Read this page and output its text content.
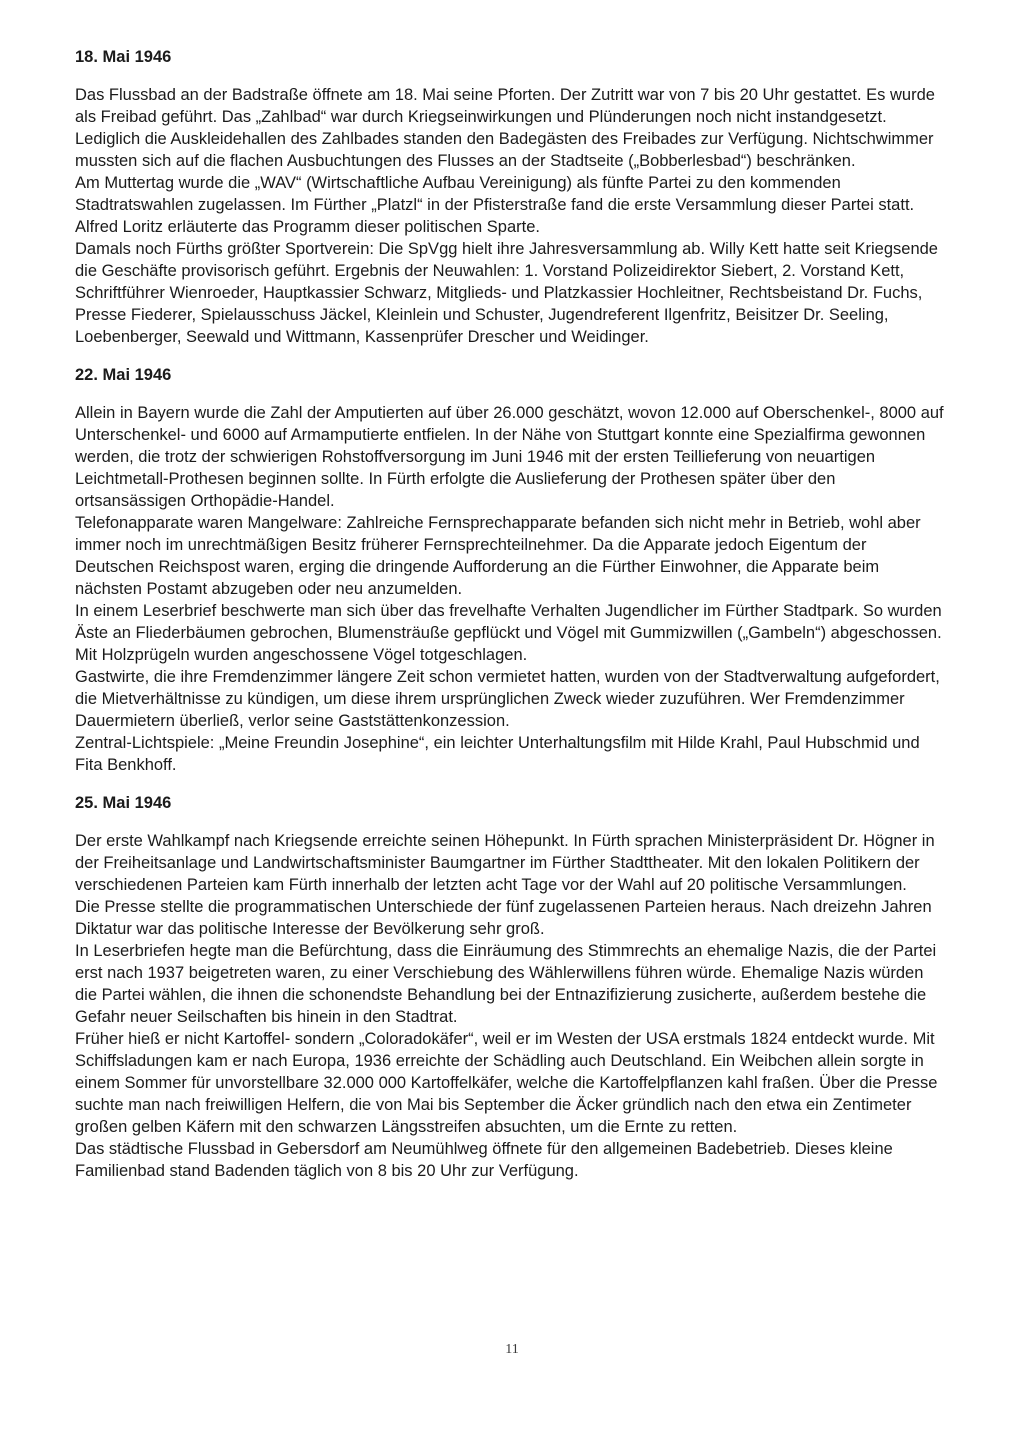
18. Mai 1946

Das Flussbad an der Badstraße öffnete am 18. Mai seine Pforten. Der Zutritt war von 7 bis 20 Uhr gestattet. Es wurde als Freibad geführt. Das „Zahlbad“ war durch Kriegseinwirkungen und Plünderungen noch nicht instandgesetzt. Lediglich die Auskleidehallen des Zahlbades standen den Badegästen des Freibades zur Verfügung. Nichtschwimmer mussten sich auf die flachen Ausbuchtungen des Flusses an der Stadtseite („Bobberlesbad“) beschränken.

Am Muttertag wurde die „WAV“ (Wirtschaftliche Aufbau Vereinigung) als fünfte Partei zu den kommenden Stadtratswahlen zugelassen. Im Fürther „Platzl“ in der Pfisterstraße fand die erste Versammlung dieser Partei statt. Alfred Loritz erläuterte das Programm dieser politischen Sparte.

Damals noch Fürths größter Sportverein: Die SpVgg hielt ihre Jahresversammlung ab. Willy Kett hatte seit Kriegsende die Geschäfte provisorisch geführt. Ergebnis der Neuwahlen: 1. Vorstand Polizeidirektor Siebert, 2. Vorstand Kett, Schriftführer Wienroeder, Hauptkassier Schwarz, Mitglieds- und Platzkassier Hochleitner, Rechtsbeistand Dr. Fuchs, Presse Fiederer, Spielausschuss Jäckel, Kleinlein und Schuster, Jugendreferent Ilgenfritz, Beisitzer Dr. Seeling, Loebenberger, Seewald und Wittmann, Kassenprüfer Drescher und Weidinger.

22. Mai 1946

Allein in Bayern wurde die Zahl der Amputierten auf über 26.000 geschätzt, wovon 12.000 auf Oberschenkel-, 8000 auf Unterschenkel- und 6000 auf Armamputierte entfielen. In der Nähe von Stuttgart konnte eine Spezialfirma gewonnen werden, die trotz der schwierigen Rohstoffversorgung im Juni 1946 mit der ersten Teillieferung von neuartigen Leichtmetall-Prothesen beginnen sollte. In Fürth erfolgte die Auslieferung der Prothesen später über den ortsansässigen Orthopädie-Handel.

Telefonapparate waren Mangelware: Zahlreiche Fernsprechapparate befanden sich nicht mehr in Betrieb, wohl aber immer noch im unrechtmäßigen Besitz früherer Fernsprechteilnehmer. Da die Apparate jedoch Eigentum der Deutschen Reichspost waren, erging die dringende Aufforderung an die Fürther Einwohner, die Apparate beim nächsten Postamt abzugeben oder neu anzumelden.

In einem Leserbrief beschwerte man sich über das frevelhafte Verhalten Jugendlicher im Fürther Stadtpark. So wurden Äste an Fliederbäumen gebrochen, Blumensträuße gepflückt und Vögel mit Gummizwillen („Gambeln“) abgeschossen. Mit Holzprügeln wurden angeschossene Vögel totgeschlagen.

Gastwirte, die ihre Fremdenzimmer längere Zeit schon vermietet hatten, wurden von der Stadtverwaltung aufgefordert, die Mietverhältnisse zu kündigen, um diese ihrem ursprünglichen Zweck wieder zuzuführen. Wer Fremdenzimmer Dauermietern überließ, verlor seine Gaststättenkonzession.

Zentral-Lichtspiele: „Meine Freundin Josephine“, ein leichter Unterhaltungsfilm mit Hilde Krahl, Paul Hubschmid und Fita Benkhoff.

25. Mai 1946

Der erste Wahlkampf nach Kriegsende erreichte seinen Höhepunkt. In Fürth sprachen Ministerpräsident Dr. Högner in der Freiheitsanlage und Landwirtschaftsminister Baumgartner im Fürther Stadttheater. Mit den lokalen Politikern der verschiedenen Parteien kam Fürth innerhalb der letzten acht Tage vor der Wahl auf 20 politische Versammlungen.

Die Presse stellte die programmatischen Unterschiede der fünf zugelassenen Parteien heraus. Nach dreizehn Jahren Diktatur war das politische Interesse der Bevölkerung sehr groß.

In Leserbriefen hegte man die Befürchtung, dass die Einräumung des Stimmrechts an ehemalige Nazis, die der Partei erst nach 1937 beigetreten waren, zu einer Verschiebung des Wählerwillens führen würde. Ehemalige Nazis würden die Partei wählen, die ihnen die schonendste Behandlung bei der Entnazifizierung zusicherte, außerdem bestehe die Gefahr neuer Seilschaften bis hinein in den Stadtrat.

Früher hieß er nicht Kartoffel- sondern „Coloradokäfer“, weil er im Westen der USA erstmals 1824 entdeckt wurde. Mit Schiffsladungen kam er nach Europa, 1936 erreichte der Schädling auch Deutschland. Ein Weibchen allein sorgte in einem Sommer für unvorstellbare 32.000 000 Kartoffelkäfer, welche die Kartoffelpflanzen kahl fraßen. Über die Presse suchte man nach freiwilligen Helfern, die von Mai bis September die Äcker gründlich nach den etwa ein Zentimeter großen gelben Käfern mit den schwarzen Längsstreifen absuchten, um die Ernte zu retten.

Das städtische Flussbad in Gebersdorf am Neumühlweg öffnete für den allgemeinen Badebetrieb. Dieses kleine Familienbad stand Badenden täglich von 8 bis 20 Uhr zur Verfügung.

11
